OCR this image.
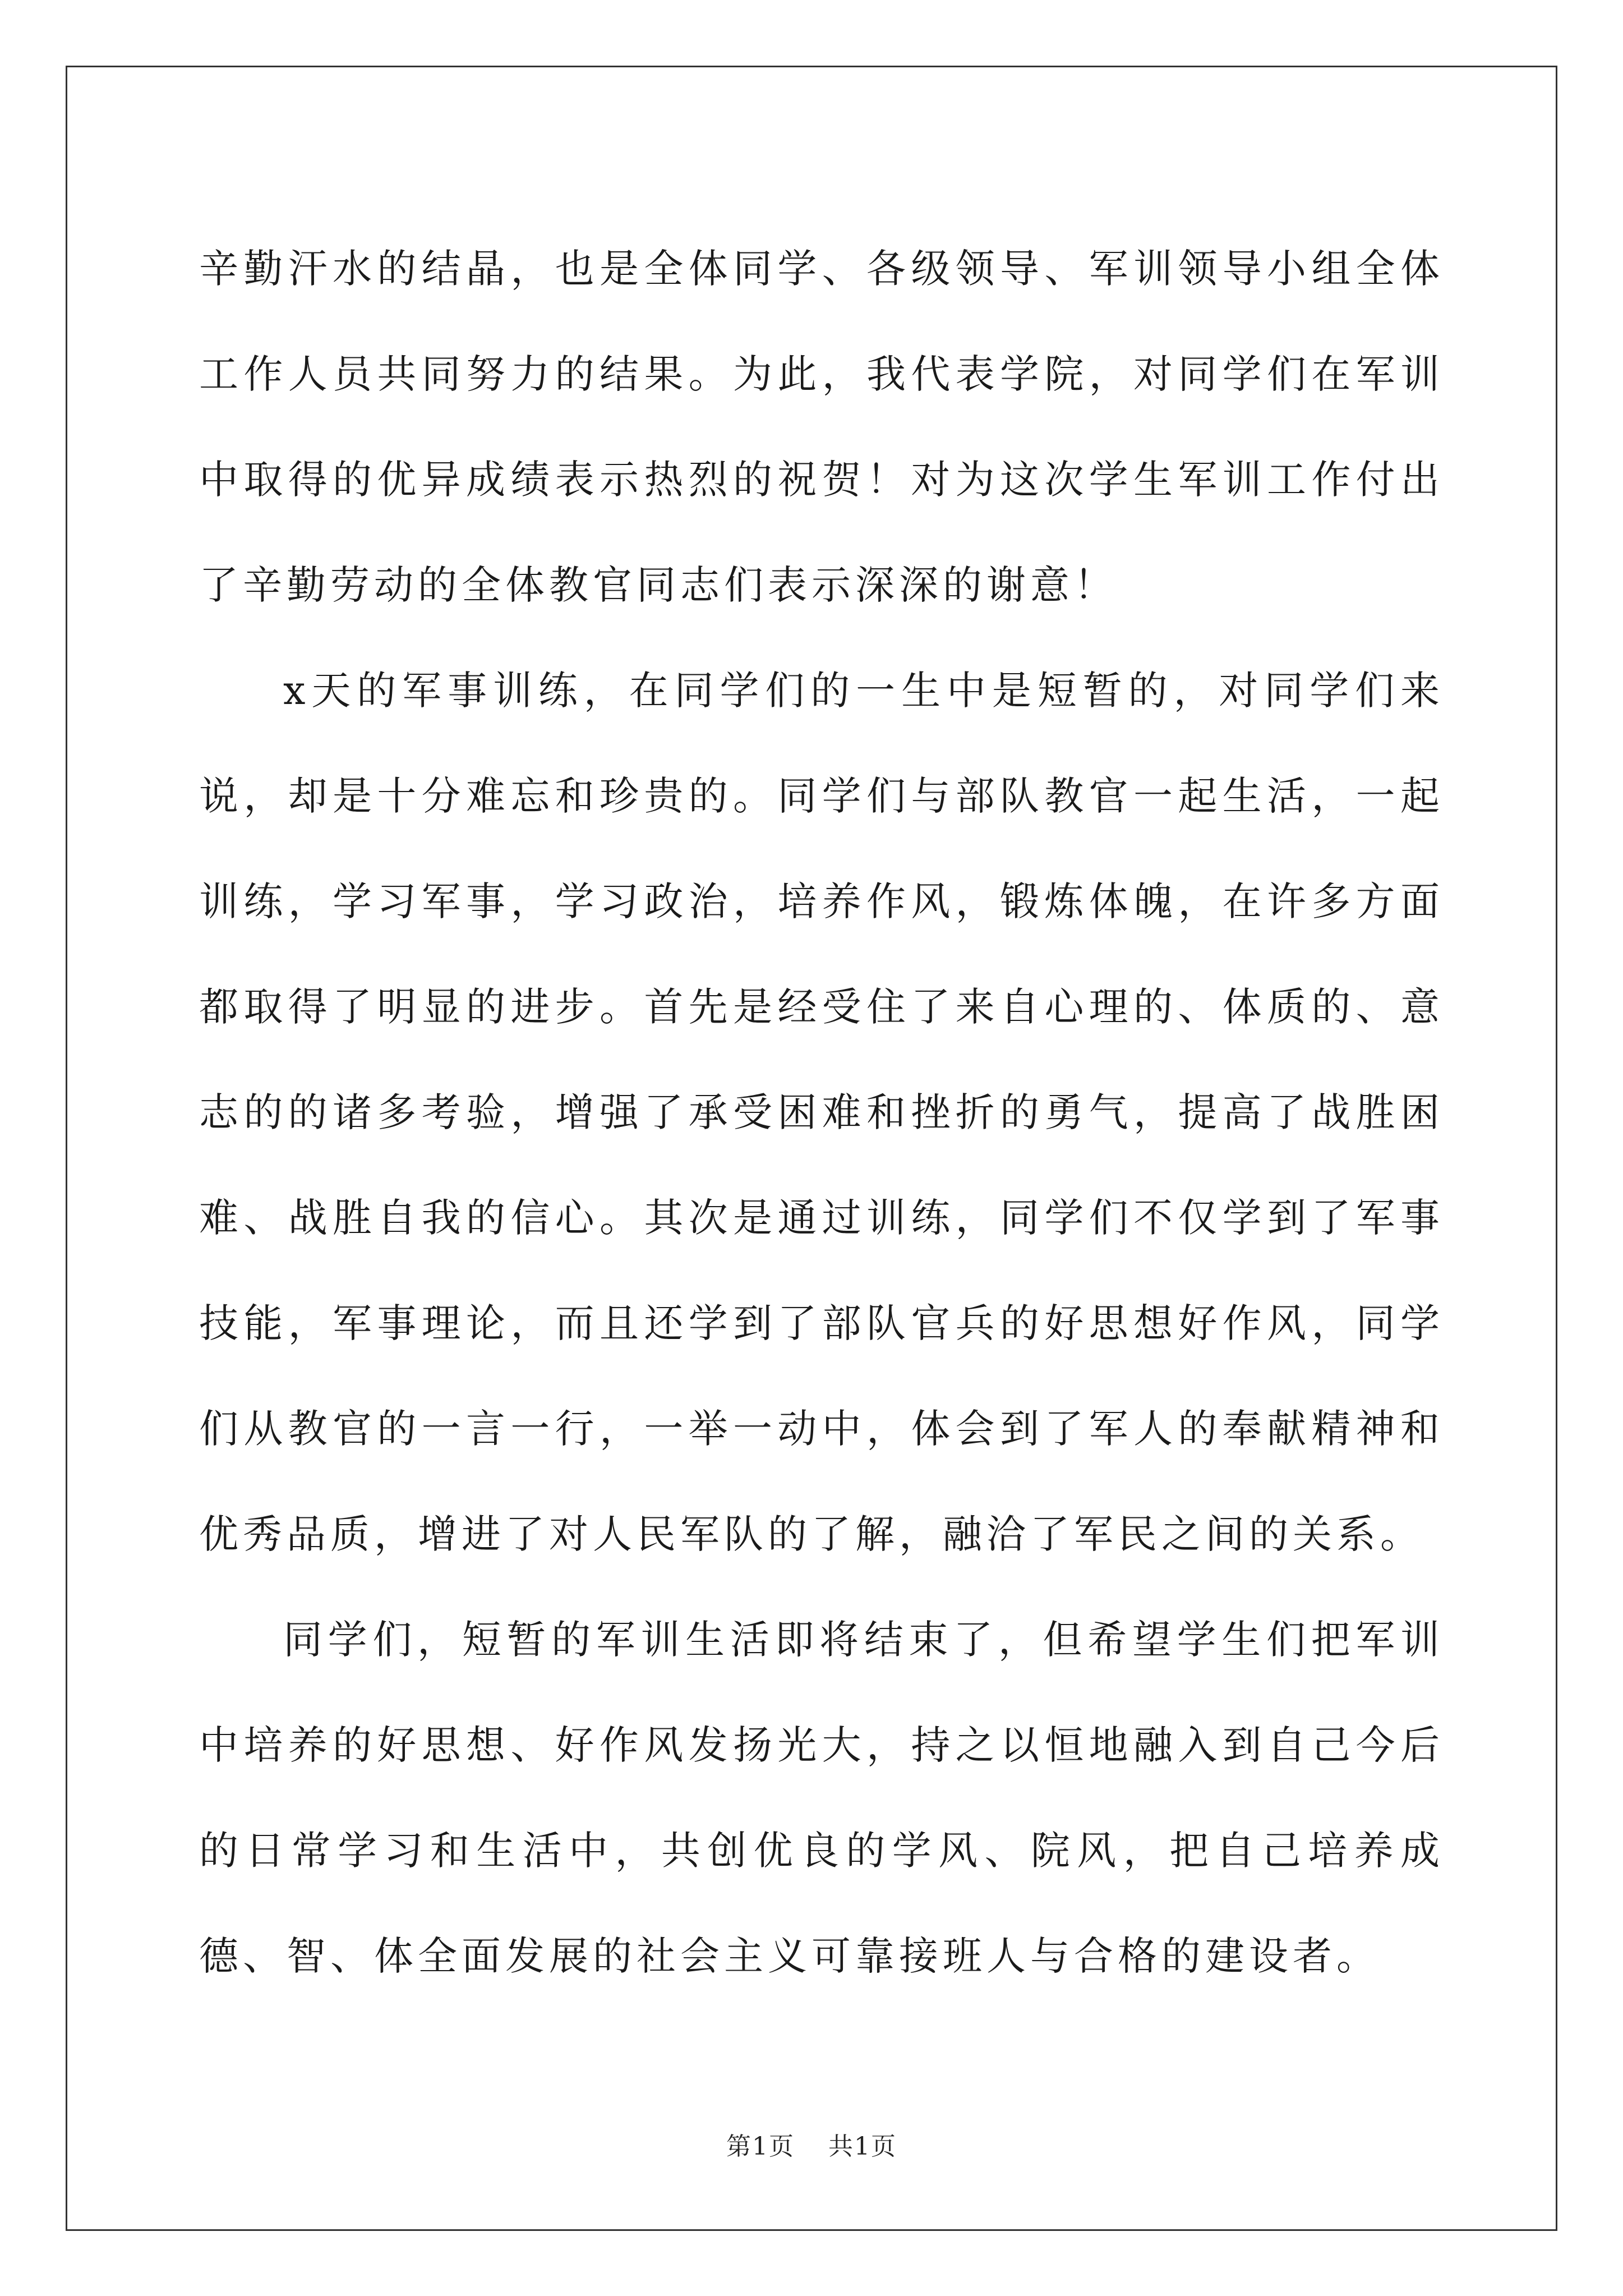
辛勤汗水的结晶，也是全体同学、各级领导、军训领导小组全体工作人员共同努力的结果。为此，我代表学院，对同学们在军训中取得的优异成绩表示热烈的祝贺！对为这次学生军训工作付出了辛勤劳动的全体教官同志们表示深深的谢意！

x天的军事训练，在同学们的一生中是短暂的，对同学们来说，却是十分难忘和珍贵的。同学们与部队教官一起生活，一起训练，学习军事，学习政治，培养作风，锻炼体魄，在许多方面都取得了明显的进步。首先是经受住了来自心理的、体质的、意志的的诸多考验，增强了承受困难和挫折的勇气，提高了战胜困难、战胜自我的信心。其次是通过训练，同学们不仅学到了军事技能，军事理论，而且还学到了部队官兵的好思想好作风，同学们从教官的一言一行，一举一动中，体会到了军人的奉献精神和优秀品质，增进了对人民军队的了解，融洽了军民之间的关系。

同学们，短暂的军训生活即将结束了，但希望学生们把军训中培养的好思想、好作风发扬光大，持之以恒地融入到自己今后的日常学习和生活中，共创优良的学风、院风，把自己培养成德、智、体全面发展的社会主义可靠接班人与合格的建设者。

第1页 共1页
